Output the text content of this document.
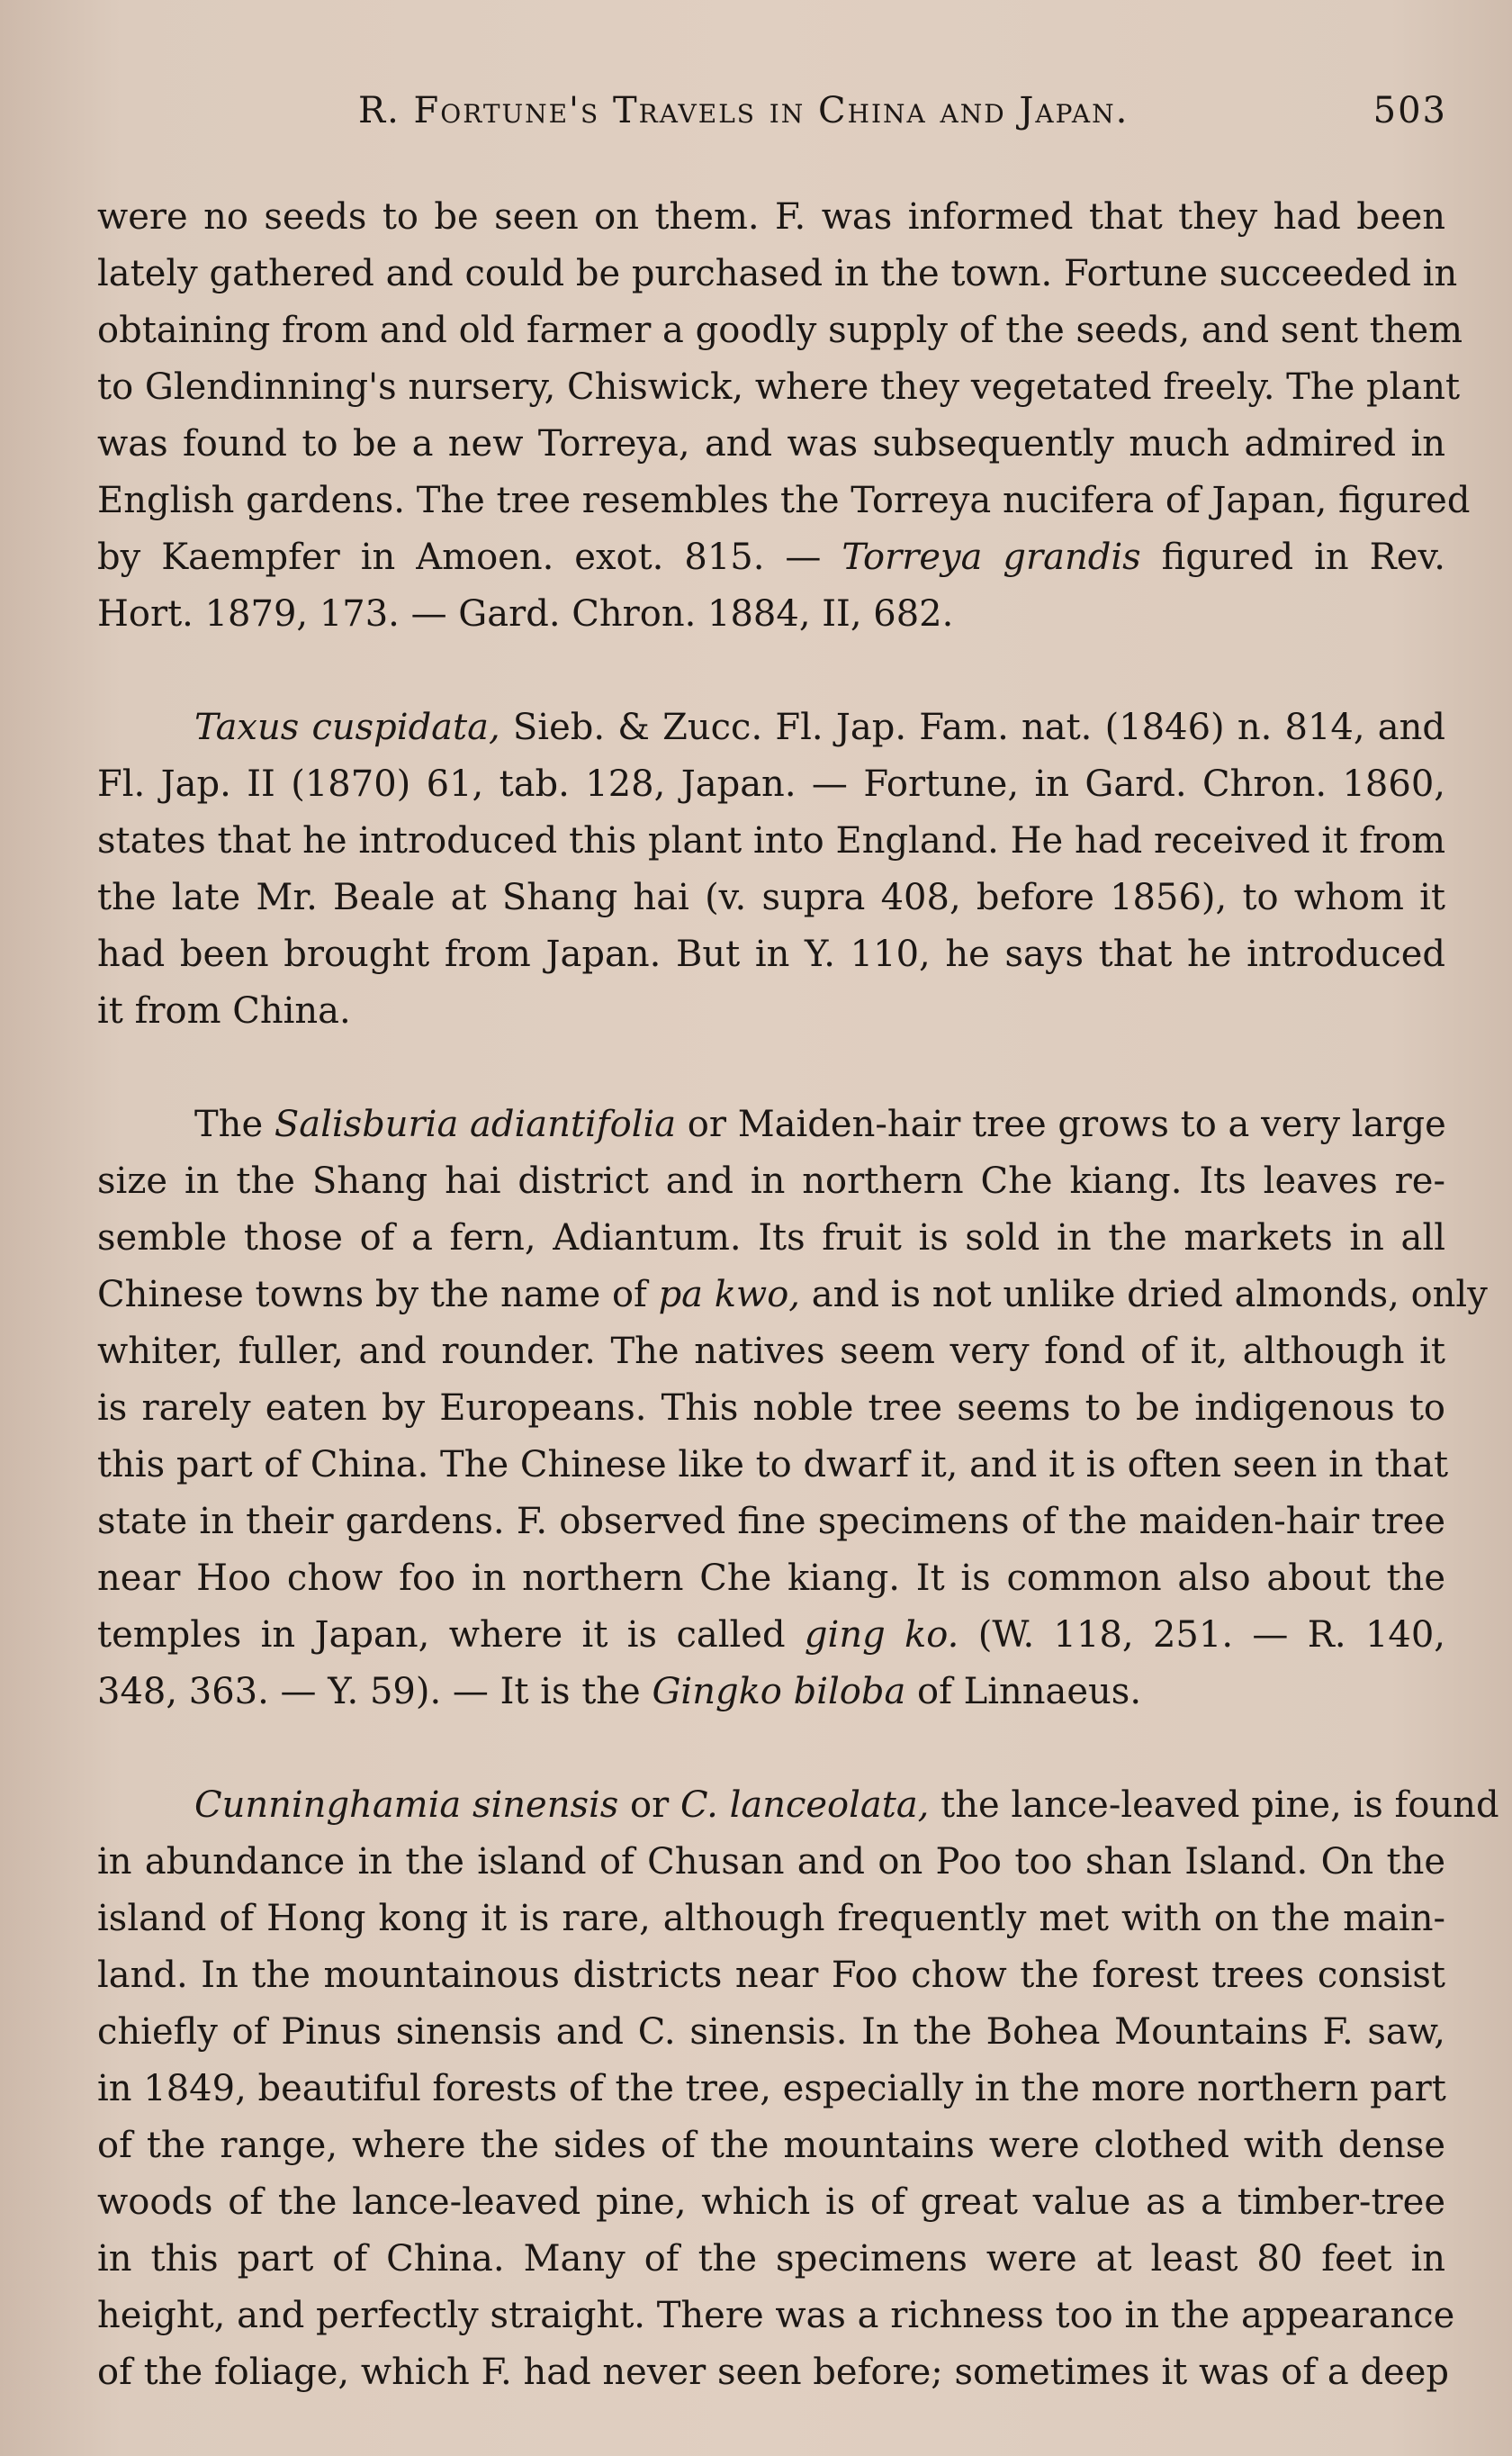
R. Fortune's Travels in China and Japan.	503
were no seeds to be seen on them. F. was informed that they had been
lately gathered and could be purchased in the town. Fortune succeeded in
obtaining from and old farmer a goodly supply of the seeds, and sent them
to Glendinning's nursery, Chiswick, where they vegetated freely. The plant
was found to be a new Torreya, and was subsequently much admired in
English gardens. The tree resembles the Torreya nucifera of Japan, figured
by Kaempfer in Amoen. exot. 815. — Torreya grandis figured in Rev.
Hort. 1879, 173. — Gard. Chron. 1884, II, 682.
Taxus cuspidata, Sieb. & Zucc. Fl. Jap. Fam. nat. (1846) n. 814, and
Fl. Jap. II (1870) 61, tab. 128, Japan. — Fortune, in Gard. Chron. 1860,
states that he introduced this plant into England. He had received it from
the late Mr. Beale at Shang hai (v. supra 408, before 1856), to whom it
had been brought from Japan. But in Y. 110, he says that he introduced
it from China.
The Salisburia adiantifolia or Maiden-hair tree grows to a very large
size in the Shang hai district and in northern Che kiang. Its leaves re-
semble those of a fern, Adiantum. Its fruit is sold in the markets in all
Chinese towns by the name of pa kwo, and is not unlike dried almonds, only
whiter, fuller, and rounder. The natives seem very fond of it, although it
is rarely eaten by Europeans. This noble tree seems to be indigenous to
this part of China. The Chinese like to dwarf it, and it is often seen in that
state in their gardens. F. observed fine specimens of the maiden-hair tree
near Hoo chow foo in northern Che kiang. It is common also about the
temples in Japan, where it is called ging ko. (W. 118, 251. — R. 140,
348, 363. — Y. 59). — It is the Gingko biloba of Linnaeus.
Cunninghamia sinensis or C. lanceolata, the lance-leaved pine, is found
in abundance in the island of Chusan and on Poo too shan Island. On the
island of Hong kong it is rare, although frequently met with on the main-
land. In the mountainous districts near Foo chow the forest trees consist
chiefly of Pinus sinensis and C. sinensis. In the Bohea Mountains F. saw,
in 1849, beautiful forests of the tree, especially in the more northern part
of the range, where the sides of the mountains were clothed with dense
woods of the lance-leaved pine, which is of great value as a timber-tree
in this part of China. Many of the specimens were at least 80 feet in
height, and perfectly straight. There was a richness too in the appearance
of the foliage, which F. had never seen before; sometimes it was of a deep
